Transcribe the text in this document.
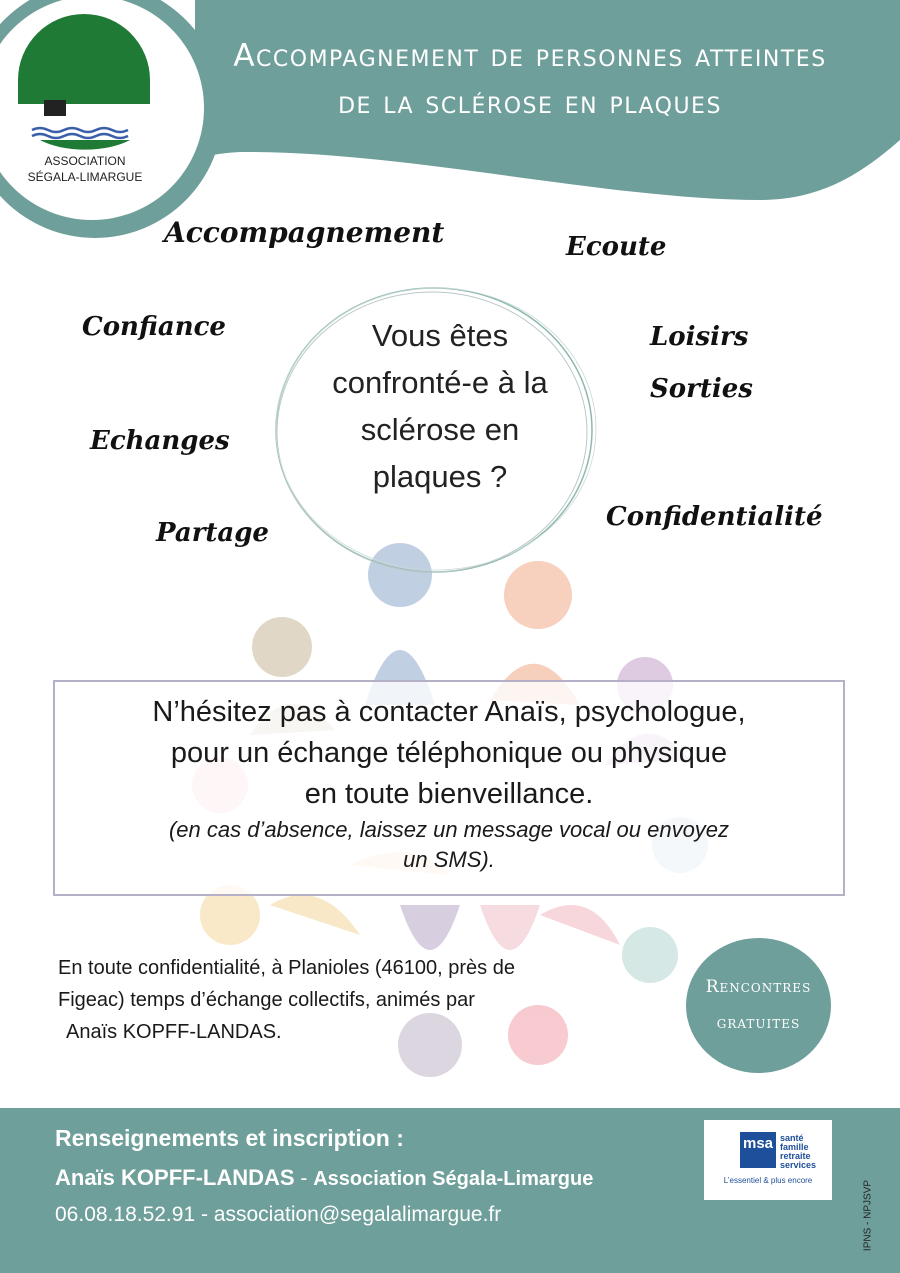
Accompagnement de personnes atteintes
de la sclérose en plaques
ASSOCIATION
SÉGALA-LIMARGUE
Accompagnement	Ecoute
Confiance	Loisirs
Sorties
Echanges
Partage
Confidentialité
Vous êtes
confronté-e à la
sclérose en
plaques ?
N’hésitez pas à contacter Anaïs, psychologue,
pour un échange téléphonique ou physique
en toute bienveillance.
(en cas d’absence, laissez un message vocal ou envoyez
un SMS).
En toute confidentialité, à Planioles (46100, près de
Figeac) temps d’échange collectifs, animés par
Anaïs KOPFF-LANDAS.
Rencontres
gratuites
Renseignements et inscription :
Anaïs KOPFF-LANDAS - Association Ségala-Limargue
06.08.18.52.91 - association@segalalimargue.fr
msa santé
famille
retraite
services
L’essentiel & plus encore	IPNS - NPJSVP
